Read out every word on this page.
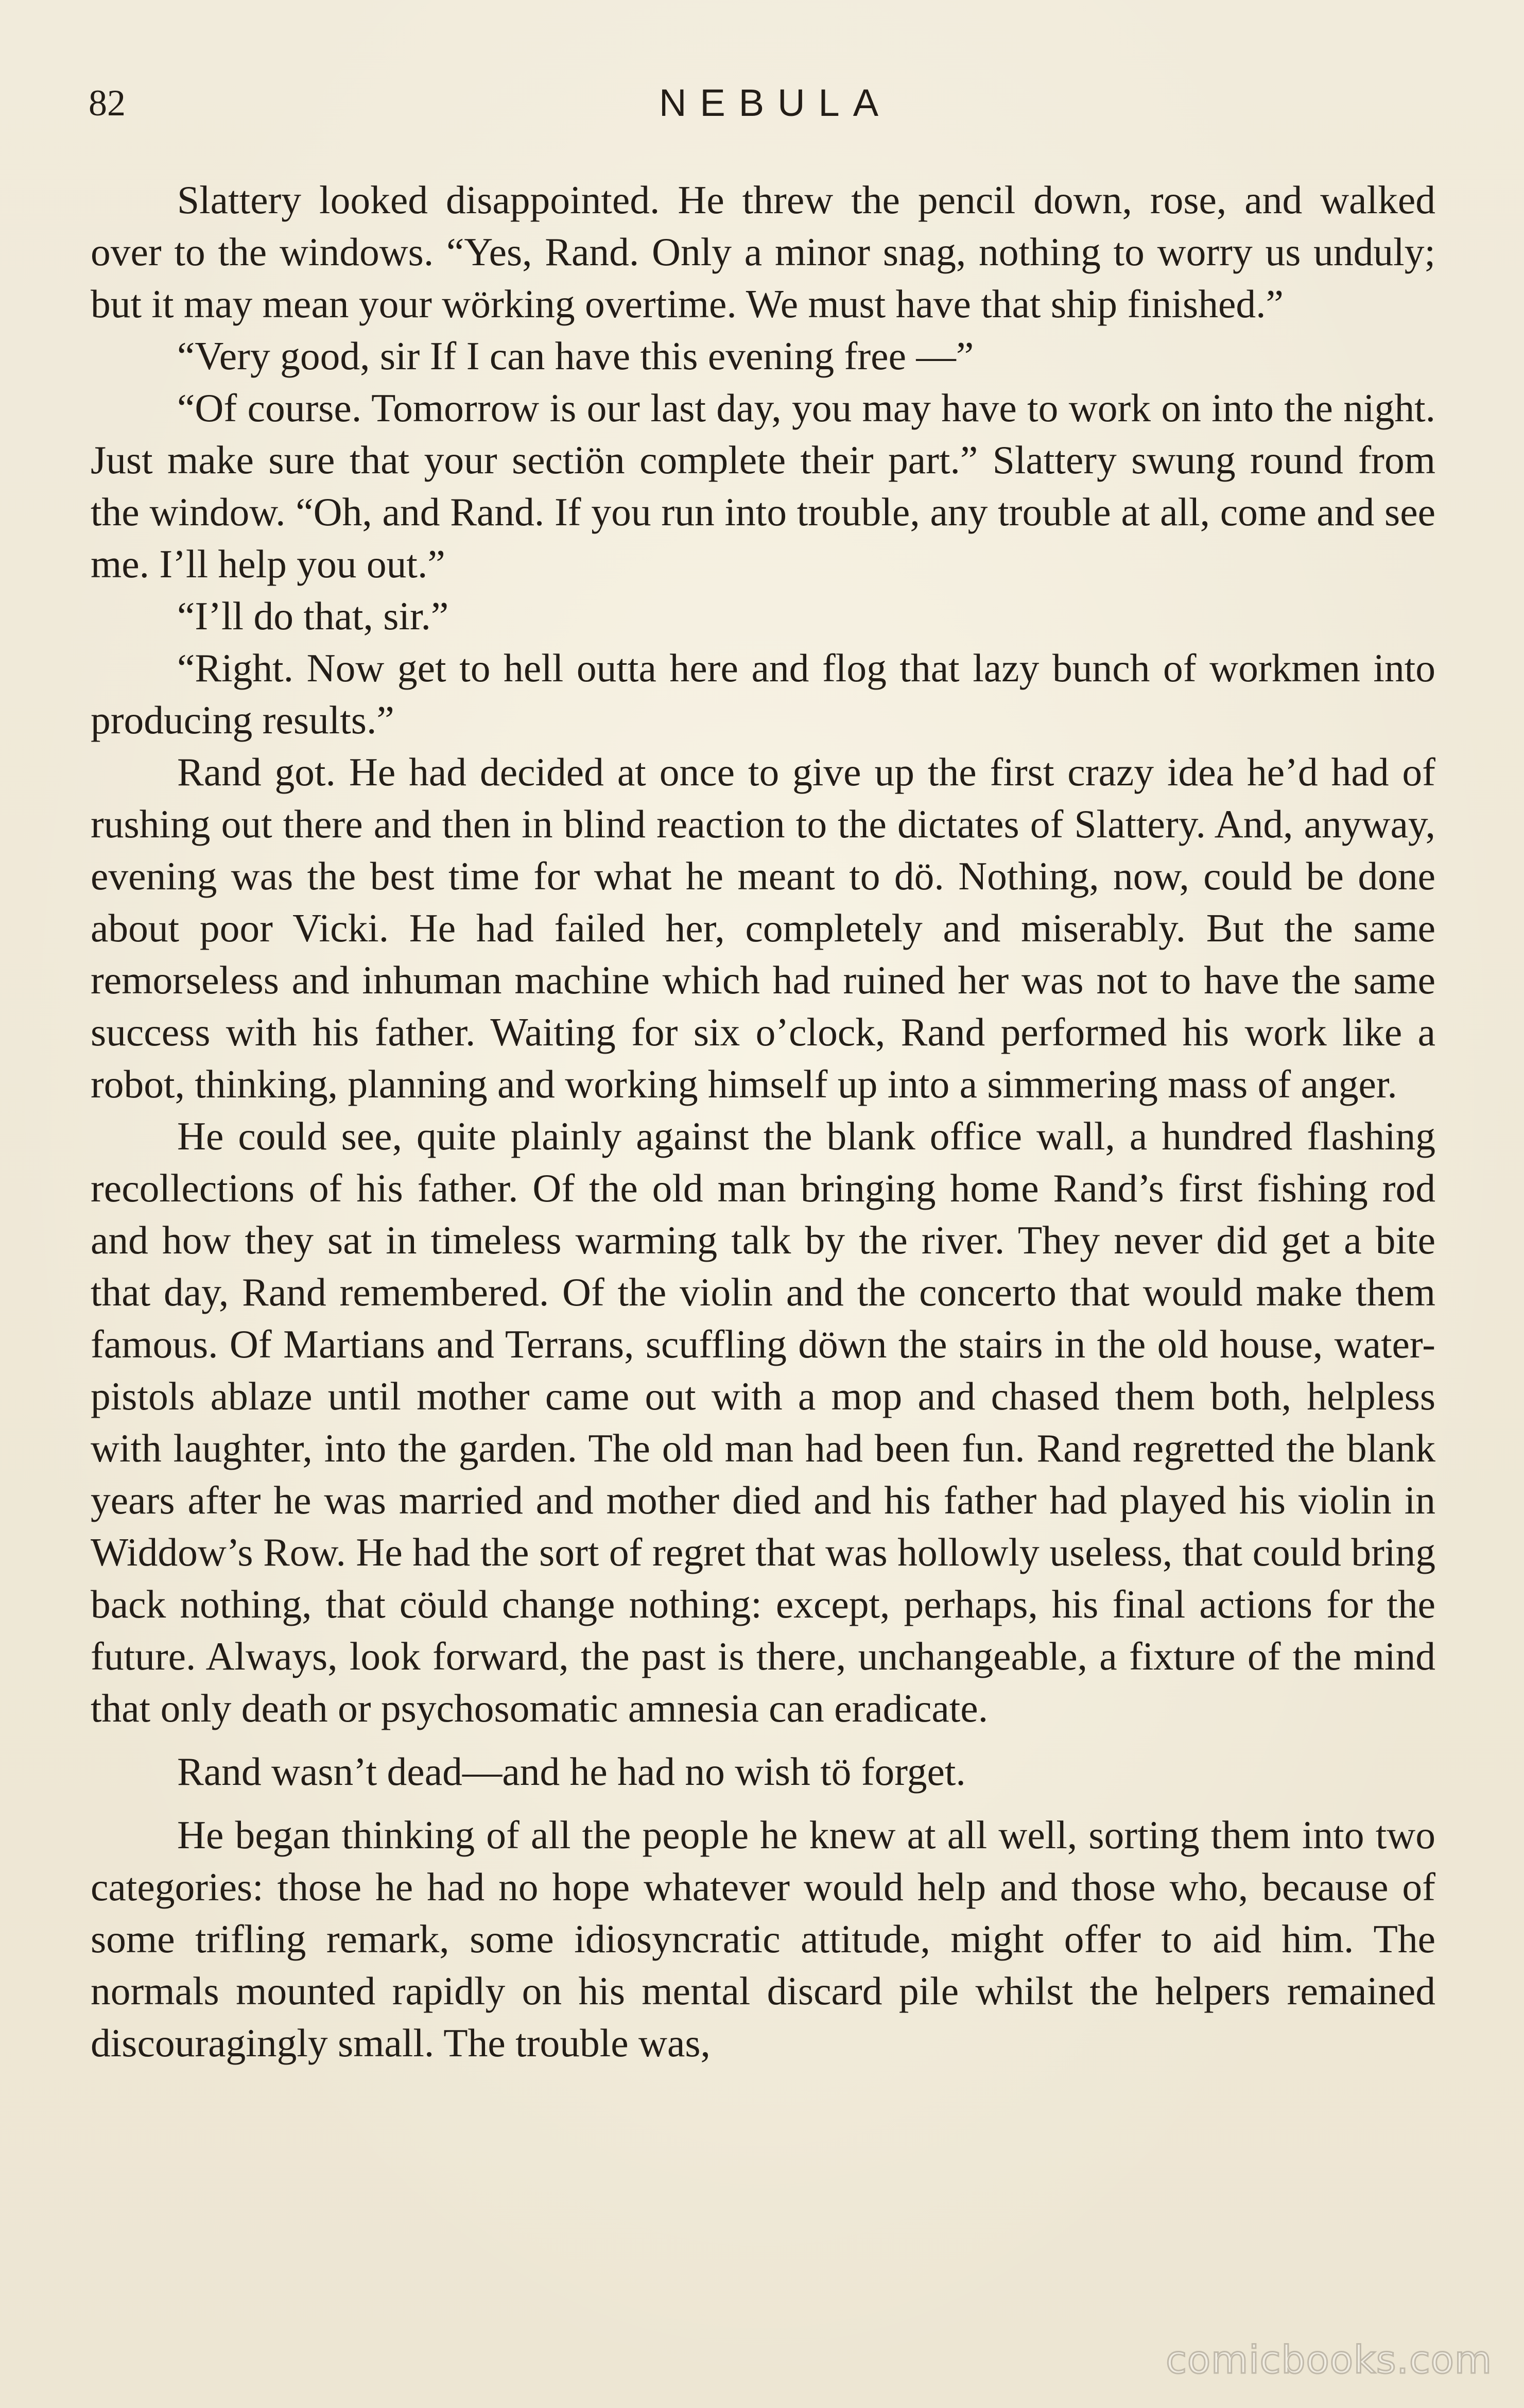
82	NEBULA

Slattery looked disappointed. He threw the pencil down, rose, and walked over to the windows. “Yes, Rand. Only a minor snag, nothing to worry us unduly; but it may mean your wörking overtime. We must have that ship finished.”

“Very good, sir If I can have this evening free —”

“Of course. Tomorrow is our last day, you may have to work on into the night. Just make sure that your sectiön complete their part.” Slattery swung round from the window. “Oh, and Rand. If you run into trouble, any trouble at all, come and see me. I’ll help you out.”

“I’ll do that, sir.”

“Right. Now get to hell outta here and flog that lazy bunch of workmen into producing results.”

Rand got. He had decided at once to give up the first crazy idea he’d had of rushing out there and then in blind reaction to the dictates of Slattery. And, anyway, evening was the best time for what he meant to dö. Nothing, now, could be done about poor Vicki. He had failed her, completely and miserably. But the same remorseless and inhuman machine which had ruined her was not to have the same success with his father. Waiting for six o’clock, Rand performed his work like a robot, thinking, planning and working himself up into a simmering mass of anger.

He could see, quite plainly against the blank office wall, a hundred flashing recollections of his father. Of the old man bringing home Rand’s first fishing rod and how they sat in timeless warming talk by the river. They never did get a bite that day, Rand remembered. Of the violin and the concerto that would make them famous. Of Martians and Terrans, scuffling döwn the stairs in the old house, water-pistols ablaze until mother came out with a mop and chased them both, helpless with laughter, into the garden. The old man had been fun. Rand regretted the blank years after he was married and mother died and his father had played his violin in Widdow’s Row. He had the sort of regret that was hollowly useless, that could bring back nothing, that cöuld change nothing: except, perhaps, his final actions for the future. Always, look forward, the past is there, unchangeable, a fixture of the mind that only death or psychosomatic amnesia can eradicate.

Rand wasn’t dead—and he had no wish tö forget.

He began thinking of all the people he knew at all well, sorting them into two categories: those he had no hope whatever would help and those who, because of some trifling remark, some idiosyncratic attitude, might offer to aid him. The normals mounted rapidly on his mental discard pile whilst the helpers remained discouragingly small. The trouble was,

comicbooks.com
